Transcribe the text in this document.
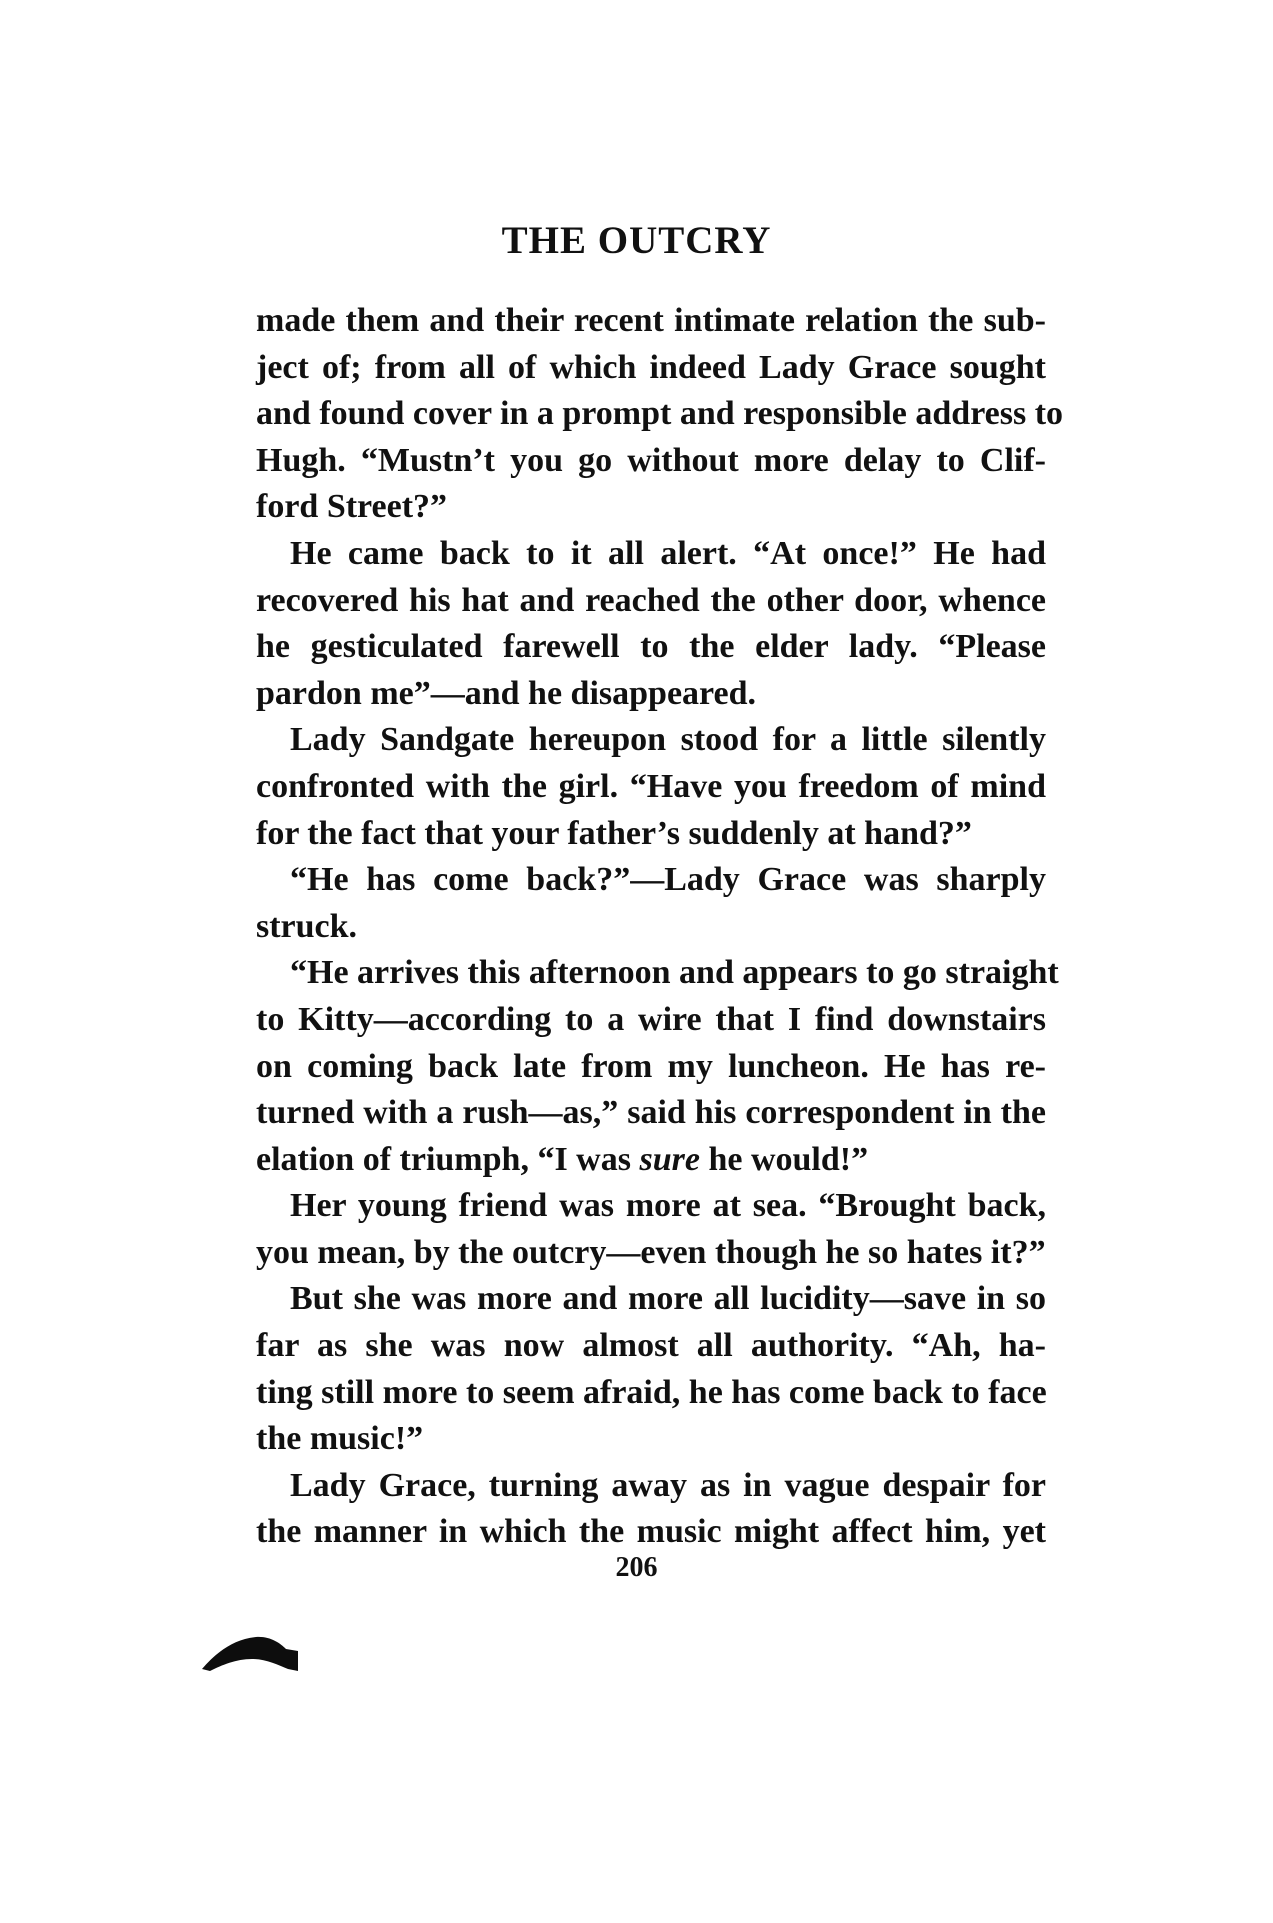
THE OUTCRY
made them and their recent intimate relation the sub-
ject of; from all of which indeed Lady Grace sought
and found cover in a prompt and responsible address to
Hugh. “Mustn’t you go without more delay to Clif-
ford Street?”
He came back to it all alert. “At once!” He had
recovered his hat and reached the other door, whence
he gesticulated farewell to the elder lady. “Please
pardon me”—and he disappeared.
Lady Sandgate hereupon stood for a little silently
confronted with the girl. “Have you freedom of mind
for the fact that your father’s suddenly at hand?”
“He has come back?”—Lady Grace was sharply
struck.
“He arrives this afternoon and appears to go straight
to Kitty—according to a wire that I find downstairs
on coming back late from my luncheon. He has re-
turned with a rush—as,” said his correspondent in the
elation of triumph, “I was sure he would!”
Her young friend was more at sea. “Brought back,
you mean, by the outcry—even though he so hates it?”
But she was more and more all lucidity—save in so
far as she was now almost all authority. “Ah, ha-
ting still more to seem afraid, he has come back to face
the music!”
Lady Grace, turning away as in vague despair for
the manner in which the music might affect him, yet
206
